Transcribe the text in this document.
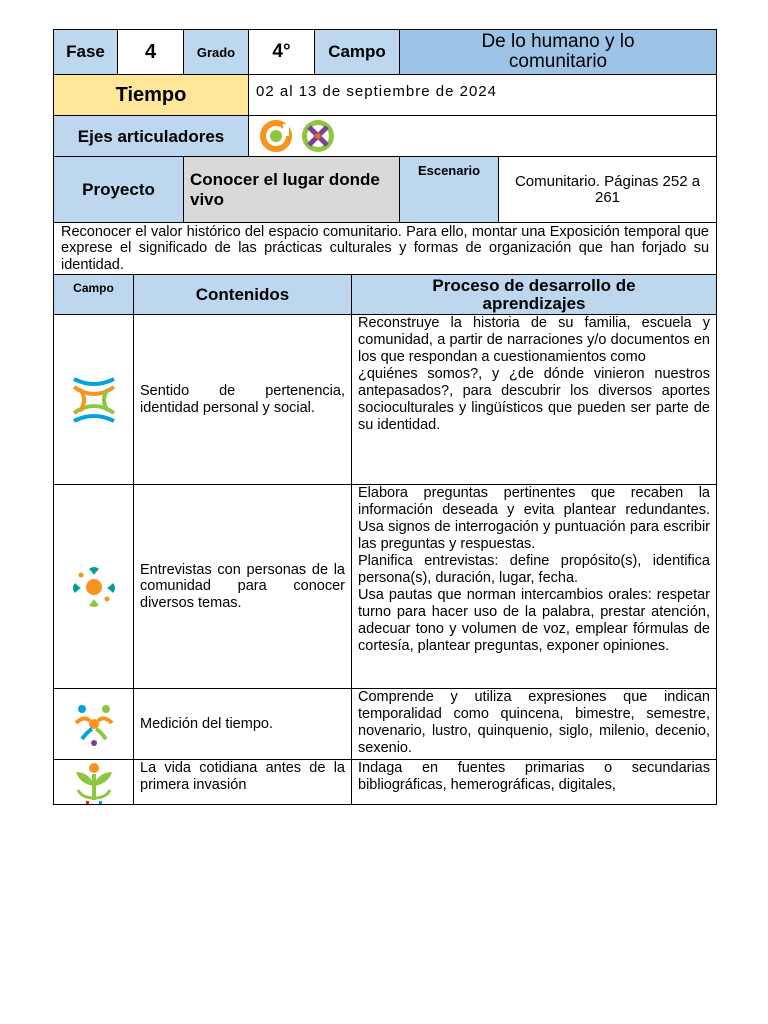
Fase	4	Grado	4°	Campo	De lo humano y lo comunitario	
Tiempo			02 al 13 de septiembre de 2024			
Ejes articuladores	

Proyecto		Conocer el lugar donde vivo			Escenario	Comunitario. Páginas 252 a 261
Reconocer el valor histórico del espacio comunitario. Para ello, montar una Exposición temporal que exprese el significado de las prácticas culturales y formas de organización que han forjado su identidad.						
Campo	Contenidos	Proceso de desarrollo de aprendizajes

	Sentido de pertenencia, identidad personal y social.	Reconstruye la historia de su familia, escuela y comunidad, a partir de narraciones y/o documentos en los que respondan a cuestionamientos como
¿quiénes somos?, y ¿de dónde vinieron nuestros antepasados?, para descubrir los diversos aportes socioculturales y lingüísticos que pueden ser parte de su identidad.

	Entrevistas con personas de la comunidad para conocer diversos temas.	Elabora preguntas pertinentes que recaben la información deseada y evita plantear redundantes. Usa signos de interrogación y puntuación para escribir las preguntas y respuestas.
Planifica entrevistas: define propósito(s), identifica persona(s), duración, lugar, fecha.
Usa pautas que norman intercambios orales: respetar turno para hacer uso de la palabra, prestar atención, adecuar tono y volumen de voz, emplear fórmulas de cortesía, plantear preguntas, exponer opiniones.

	Medición del tiempo.	Comprende y utiliza expresiones que indican temporalidad como quincena, bimestre, semestre, novenario, lustro, quinquenio, siglo, milenio, decenio, sexenio.

	La vida cotidiana antes de la primera invasión	Indaga en fuentes primarias o secundarias bibliográficas, hemerográficas, digitales,
